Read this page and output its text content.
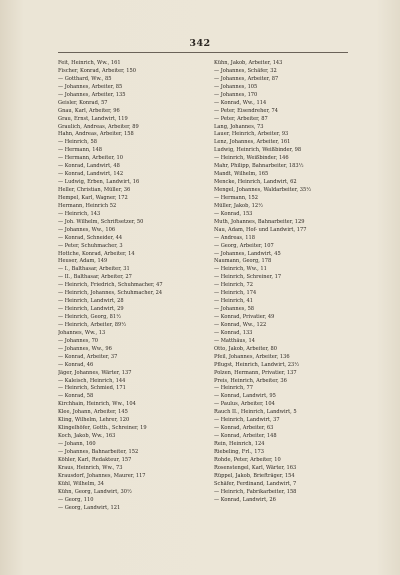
342
Feit, Heinrich, Ww., 161
Fischer, Konrad, Arbeiter, 150
— Gotthard, Ww., 85
— Johannes, Arbeiter, 85
— Johannes, Arbeiter, 135
Geisler, Konrad, 57
Gnau, Karl, Arbeiter, 96
Grau, Ernst, Landwirt, 119
Graulich, Andreas, Arbeiter, 89
Hahn, Andreas, Arbeiter, 158
— Heinrich, 58
— Hermann, 148
— Hermann, Arbeiter, 10
— Konrad, Landwirt, 48
— Konrad, Landwirt, 142
— Ludwig, Erben, Landwirt, 16
Heller, Christian, Müller, 36
Hempel, Karl, Wagner, 172
Hermann, Heinrich 52
— Heinrich, 143
— Joh. Wilhelm, Schriftsetzer, 50
— Johannes, Ww., 106
— Konrad, Schneider, 44
— Peter, Schuhmacher, 3
Hottche, Konrad, Arbeiter, 14
Heuser, Adam, 149
— I., Balthasar, Arbeiter, 31
— II., Balthasar, Arbeiter, 27
— Heinrich, Friedrich, Schuhmacher, 47
— Heinrich, Johannes, Schuhmacher, 24
— Heinrich, Landwirt, 28
— Heinrich, Landwirt, 29
— Heinrich, Georg, 81½
— Heinrich, Arbeiter, 89½
Johannes, Ww., 13
— Johannes, 70
— Johannes, Ww., 96
— Konrad, Arbeiter, 37
— Konrad, 46
Jäger, Johannes, Wärter, 137
— Kaleisch, Heinrich, 144
— Heinrich, Schmied, 171
— Konrad, 58
Kirchhain, Heinrich, Ww., 104
Klee, Johann, Arbeiter, 145
Kling, Wilhelm, Lehrer, 120
Klingelhöfer, Gotth., Schreiner, 19
Koch, Jakob, Ww., 163
— Johann, 160
— Johannes, Bahnarbeiter, 152
Köhler, Karl, Redakteur, 157
Kraus, Heinrich, Ww., 73
Krausdorf, Johannes, Maurer, 117
Kühl, Wilhelm, 34
Kühn, Georg, Landwirt, 30½
— Georg, 110
— Georg, Landwirt, 121
Kühn, Jakob, Arbeiter, 143
— Johannes, Schäfer, 32
— Johannes, Arbeiter, 87
— Johannes, 105
— Johannes, 170
— Konrad, Ww., 114
— Peter, Eisendreher, 74
— Peter, Arbeiter, 87
Lang, Johannes, 73
Lauer, Heinrich, Arbeiter, 93
Lenz, Johannes, Arbeiter, 161
Ludwig, Heinrich, Weißbinder, 98
— Heinrich, Weißbinder, 146
Mahr, Philipp, Bahnarbeiter, 183½
Mandt, Wilhelm, 165
Mencke, Heinrich, Landwirt, 62
Mengel, Johannes, Waldarbeiter, 35½
— Hermann, 152
Müller, Jakob, 12½
— Konrad, 153
Muth, Johannes, Bahnarbeiter, 129
Nau, Adam, Hof- und Landwirt, 177
— Andreas, 118
— Georg, Arbeiter, 107
— Johannes, Landwirt, 45
Naumann, Georg, 178
— Heinrich, Ww., 11
— Heinrich, Schreiner, 17
— Heinrich, 72
— Heinrich, 174
— Heinrich, 41
— Johannes, 58
— Konrad, Privatier, 49
— Konrad, Ww., 122
— Konrad, 133
— Matthäus, 14
Otto, Jakob, Arbeiter, 80
Pfeil, Johannes, Arbeiter, 136
Pflugst, Heinrich, Landwirt, 23½
Polzen, Hermann, Privatier, 137
Preis, Heinrich, Arbeiter, 36
— Heinrich, 77
— Konrad, Landwirt, 95
— Paulus, Arbeiter, 104
Rauch II., Heinrich, Landwirt, 5
— Heinrich, Landwirt, 37
— Konrad, Arbeiter, 63
— Konrad, Arbeiter, 148
Rein, Heinrich, 124
Riebeling, Frl., 173
Rohde, Peter, Arbeiter, 10
Rosenstengel, Karl, Wärter, 163
Rüppel, Jakob, Briefträger, 154
Schäfer, Ferdinand, Landwirt, 7
— Heinrich, Fabrikarbeiter, 158
— Konrad, Landwirt, 26
